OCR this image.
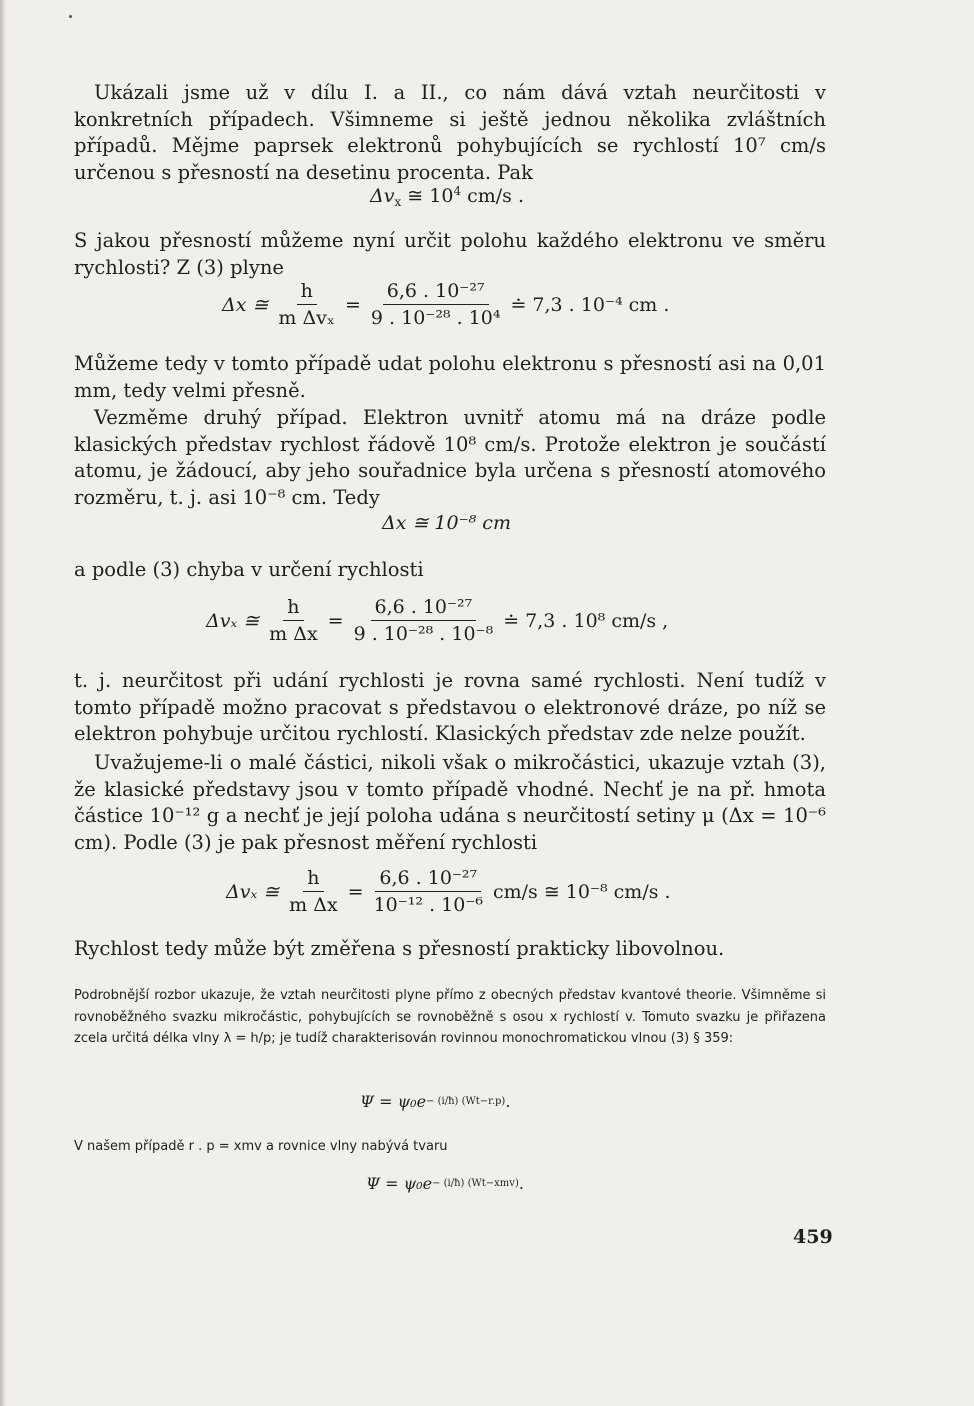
Ukázali jsme už v dílu I. a II., co nám dává vztah neurčitosti v konkretních případech. Všimneme si ještě jednou několika zvláštních případů. Mějme paprsek elektronů pohybujících se rychlostí 10⁷ cm/s určenou s přesností na desetinu procenta. Pak

$\Delta v_x$ ≅ $10^4$ cm/s .

S jakou přesností můžeme nyní určit polohu každého elektronu ve směru rychlosti? Z (3) plyne

Δx ≅ $\frac{h}{\text{m Δvₓ}} = \frac{\text{6,6 . 10⁻²⁷}}{\text{9 . 10⁻²⁸ . 10⁴}}$ ≐ 7,3 . 10⁻⁴ cm .

Můžeme tedy v tomto případě udat polohu elektronu s přesností asi na 0,01 mm, tedy velmi přesně.

Vezměme druhý případ. Elektron uvnitř atomu má na dráze podle klasických představ rychlost řádově 10⁸ cm/s. Protože elektron je součástí atomu, je žádoucí, aby jeho souřadnice byla určena s přesností atomového rozměru, t. j. asi 10⁻⁸ cm. Tedy

Δx ≅ 10⁻⁸ cm

a podle (3) chyba v určení rychlosti

Δvₓ ≅ $\frac{h}{\text{m Δx}} = \frac{\text{6,6 . 10⁻²⁷}}{\text{9 . 10⁻²⁸ . 10⁻⁸}}$ ≐ 7,3 . 10⁸ cm/s ,

t. j. neurčitost při udání rychlosti je rovna samé rychlosti. Není tudíž v tomto případě možno pracovat s představou o elektronové dráze, po níž se elektron pohybuje určitou rychlostí. Klasických představ zde nelze použít.

Uvažujeme-li o malé částici, nikoli však o mikročástici, ukazuje vztah (3), že klasické představy jsou v tomto případě vhodné. Nechť je na př. hmota částice 10⁻¹² g a nechť je její poloha udána s neurčitostí setiny μ (Δx = 10⁻⁶ cm). Podle (3) je pak přesnost měření rychlosti

Δvₓ ≅ $\frac{h}{\text{m Δx}} = \frac{\text{6,6 . 10⁻²⁷}}{\text{10⁻¹² . 10⁻⁶}} cm/s$ ≅ 10⁻⁸ cm/s .

Rychlost tedy může být změřena s přesností prakticky libovolnou.

Podrobnější rozbor ukazuje, že vztah neurčitosti plyne přímo z obecných představ kvantové theorie. Všimněme si rovnoběžného svazku mikročástic, pohybujících se rovnoběžně s osou x rychlostí v. Tomuto svazku je přiřazena zcela určitá délka vlny λ = h/p; je tudíž charakterisován rovinnou monochromatickou vlnou (3) § 359:

Ψ = ψ₀e − (i/ħ) (Wt−r.p) .

V našem případě r . p = xmv a rovnice vlny nabývá tvaru

Ψ = ψ₀e − (i/ħ) (Wt−xmv) .
459
